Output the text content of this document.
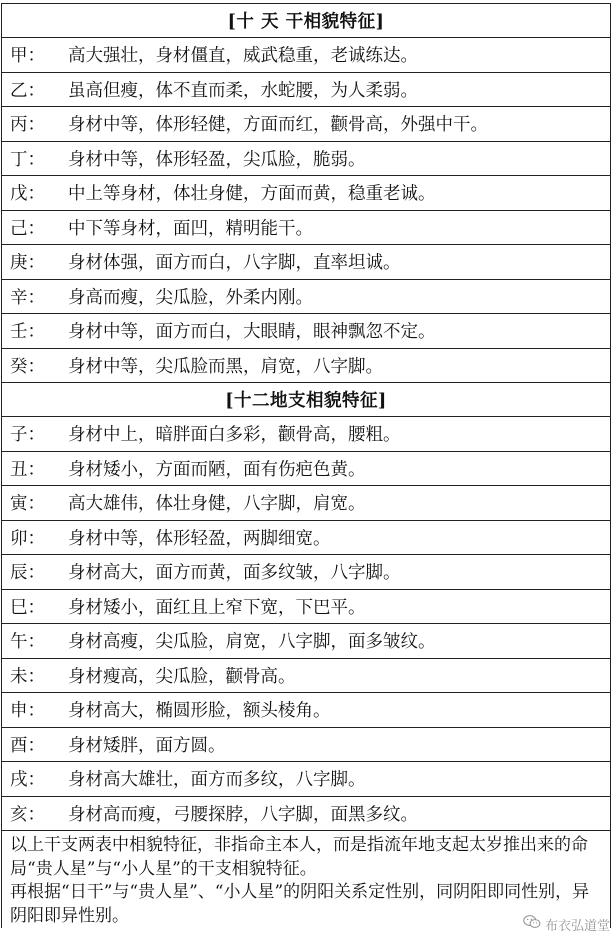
[十 天 干相貌特征]
甲：	高大强壮，身材僵直，威武稳重，老诚练达。
乙：	虽高但瘦，体不直而柔，水蛇腰，为人柔弱。
丙：	身材中等，体形轻健，方面而红，颧骨高，外强中干。
丁：	身材中等，体形轻盈，尖瓜脸，脆弱。
戊：	中上等身材，体壮身健，方面而黄，稳重老诚。
己：	中下等身材，面凹，精明能干。
庚：	身材体强，面方而白，八字脚，直率坦诚。
辛：	身高而瘦，尖瓜脸，外柔内刚。
壬：	身材中等，面方而白，大眼睛，眼神飘忽不定。
癸：	身材中等，尖瓜脸而黑，肩宽，八字脚。
[十二地支相貌特征]
子：	身材中上，暗胖面白多彩，颧骨高，腰粗。
丑：	身材矮小，方面而陋，面有伤疤色黄。
寅：	高大雄伟，体壮身健，八字脚，肩宽。
卯：	身材中等，体形轻盈，两脚细宽。
辰：	身材高大，面方而黄，面多纹皱，八字脚。
巳：	身材矮小，面红且上窄下宽，下巴平。
午：	身材高瘦，尖瓜脸，肩宽，八字脚，面多皱纹。
未：	身材瘦高，尖瓜脸，颧骨高。
申：	身材高大，椭圆形脸，额头棱角。
酉：	身材矮胖，面方圆。
戌：	身材高大雄壮，面方而多纹，八字脚。
亥：	身材高而瘦，弓腰探脖，八字脚，面黑多纹。

以上干支两表中相貌特征，非指命主本人，而是指流年地支起太岁推出来的命局“贵人星”与“小人星”的干支相貌特征。

再根据“日干”与“贵人星”、“小人星”的阴阳关系定性别，同阴阳即同性别，异阴阳即异性别。

布衣弘道堂
